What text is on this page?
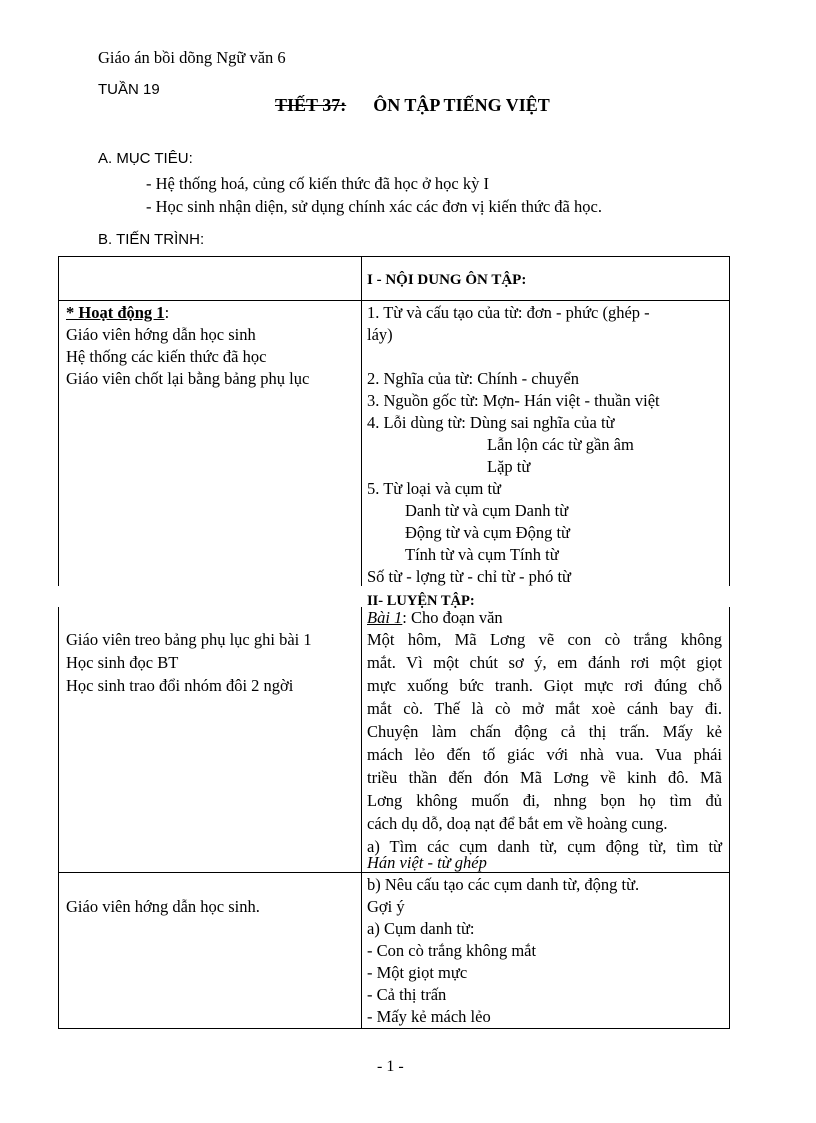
Giáo án bồi dõng Ngữ văn 6
TUẦN 19
TIẾT 37: ÔN TẬP TIẾNG VIỆT
A. MỤC TIÊU:
- Hệ thống hoá, củng cố kiến thức đã học ở học kỳ I
- Học sinh nhận diện, sử dụng chính xác các đơn vị kiến thức đã học.
B. TIẾN TRÌNH:
I - NỘI DUNG ÔN TẬP:
* Hoạt động 1:
Giáo viên hớng dẫn học sinh
Hệ thống các kiến thức đã học
Giáo viên chốt lại bằng bảng phụ lục
1. Từ và cấu tạo của từ: đơn - phức (ghép -
láy)
2. Nghĩa của từ: Chính - chuyển
3. Nguồn gốc từ: Mợn- Hán việt - thuần việt
4. Lỗi dùng từ: Dùng sai nghĩa của từ
Lẫn lộn các từ gần âm
Lặp từ
5. Từ loại và cụm từ
Danh từ và cụm Danh từ
Động từ và cụm Động từ
Tính từ và cụm Tính từ
Số từ - lợng từ - chỉ từ - phó từ
II- LUYỆN TẬP:
Bài 1: Cho đoạn văn
Giáo viên treo bảng phụ lục ghi bài 1
Học sinh đọc BT
Học sinh trao đổi nhóm đôi 2 ngời
Một hôm, Mã Lơng vẽ con cò trắng không
mắt. Vì một chút sơ ý, em đánh rơi một giọt
mực xuống bức tranh. Giọt mực rơi đúng chỗ
mắt cò. Thế là cò mở mắt xoè cánh bay đi.
Chuyện làm chấn động cả thị trấn. Mấy kẻ
mách lẻo đến tố giác với nhà vua. Vua phái
triều thần đến đón Mã Lơng về kinh đô. Mã
Lơng không muốn đi, nhng bọn họ tìm đủ
cách dụ dỗ, doạ nạt để bắt em về hoàng cung.
a) Tìm các cụm danh từ, cụm động từ, tìm từ
Hán việt - từ ghép
Giáo viên hớng dẫn học sinh.
b) Nêu cấu tạo các cụm danh từ, động từ.
Gợi ý
a) Cụm danh từ:
- Con cò trắng không mắt
- Một giọt mực
- Cả thị trấn
- Mấy kẻ mách lẻo
- 1 -
